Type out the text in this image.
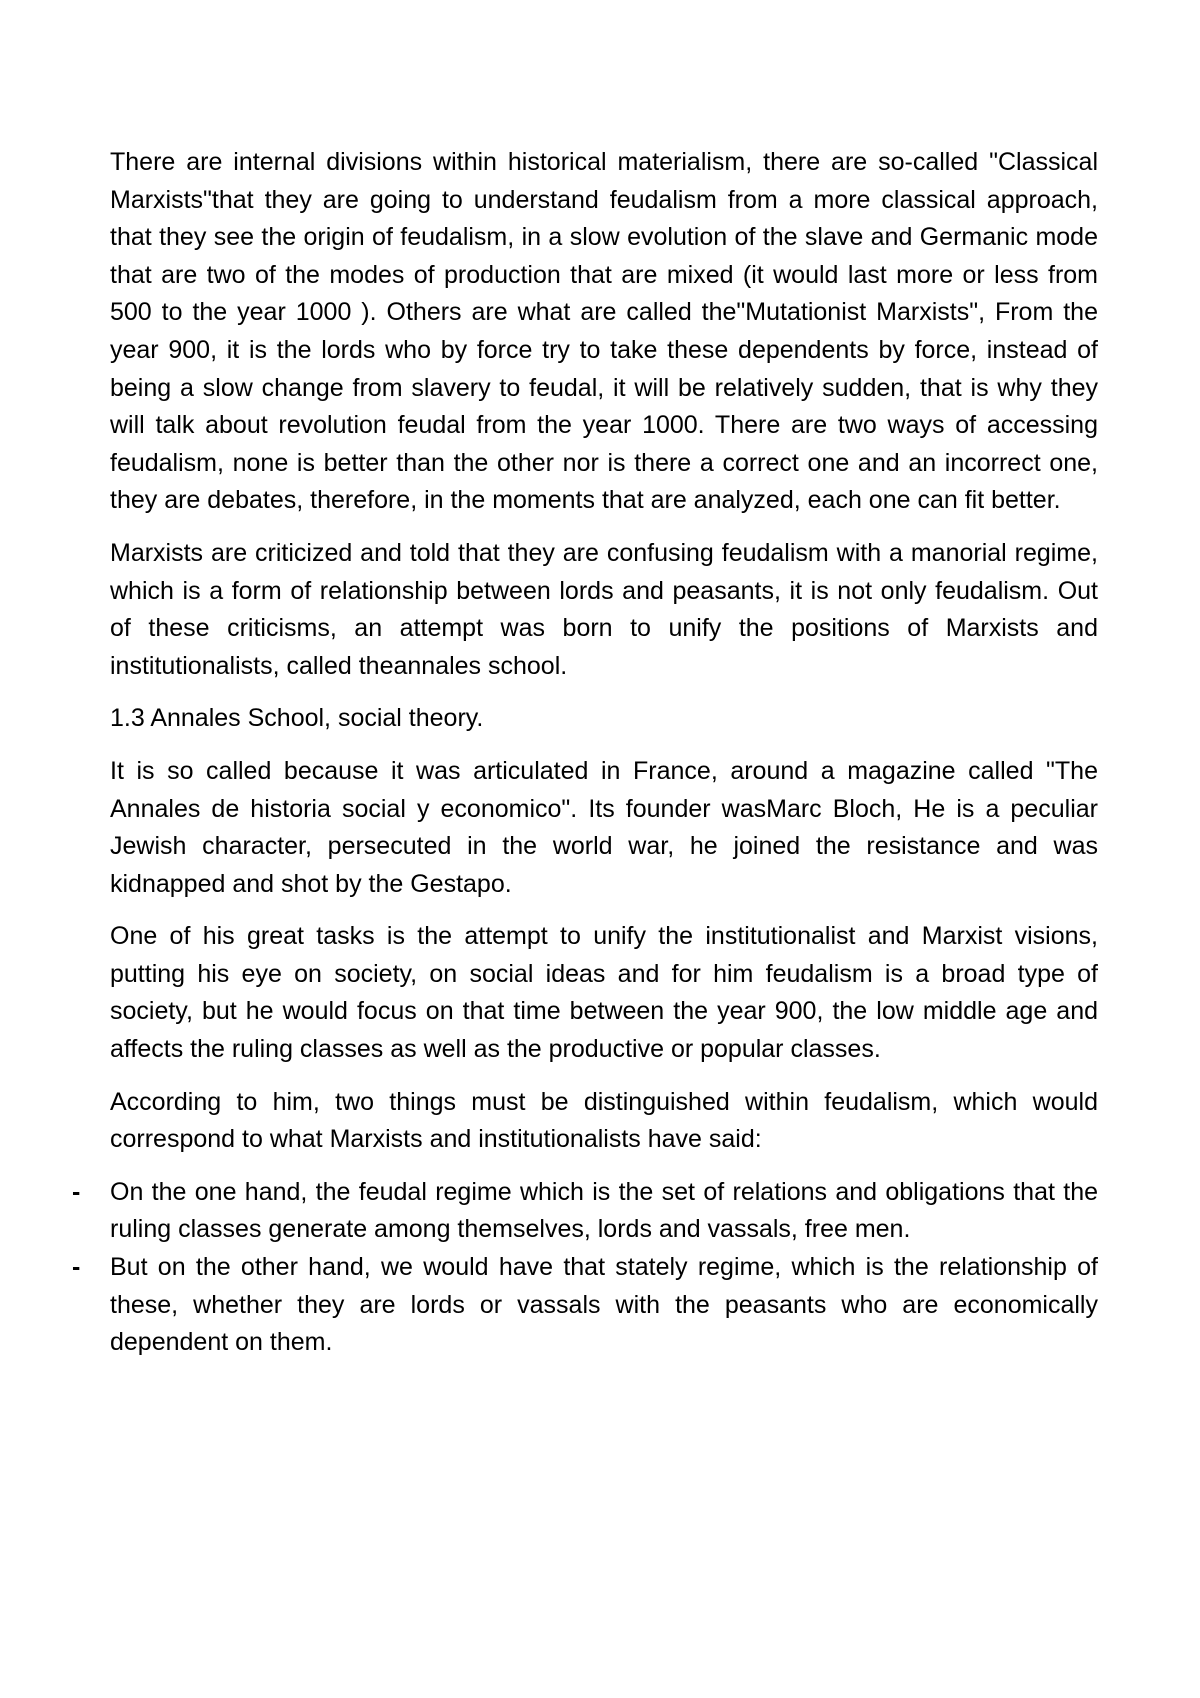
There are internal divisions within historical materialism, there are so-called "Classical Marxists"that they are going to understand feudalism from a more classical approach, that they see the origin of feudalism, in a slow evolution of the slave and Germanic mode that are two of the modes of production that are mixed (it would last more or less from 500 to the year 1000 ). Others are what are called the"Mutationist Marxists", From the year 900, it is the lords who by force try to take these dependents by force, instead of being a slow change from slavery to feudal, it will be relatively sudden, that is why they will talk about revolution feudal from the year 1000. There are two ways of accessing feudalism, none is better than the other nor is there a correct one and an incorrect one, they are debates, therefore, in the moments that are analyzed, each one can fit better.

Marxists are criticized and told that they are confusing feudalism with a manorial regime, which is a form of relationship between lords and peasants, it is not only feudalism. Out of these criticisms, an attempt was born to unify the positions of Marxists and institutionalists, called theannales school.

1.3 Annales School, social theory.

It is so called because it was articulated in France, around a magazine called "The Annales de historia social y economico". Its founder wasMarc Bloch, He is a peculiar Jewish character, persecuted in the world war, he joined the resistance and was kidnapped and shot by the Gestapo.

One of his great tasks is the attempt to unify the institutionalist and Marxist visions, putting his eye on society, on social ideas and for him feudalism is a broad type of society, but he would focus on that time between the year 900, the low middle age and affects the ruling classes as well as the productive or popular classes.

According to him, two things must be distinguished within feudalism, which would correspond to what Marxists and institutionalists have said:

- On the one hand, the feudal regime which is the set of relations and obligations that the ruling classes generate among themselves, lords and vassals, free men.
- But on the other hand, we would have that stately regime, which is the relationship of these, whether they are lords or vassals with the peasants who are economically dependent on them.
